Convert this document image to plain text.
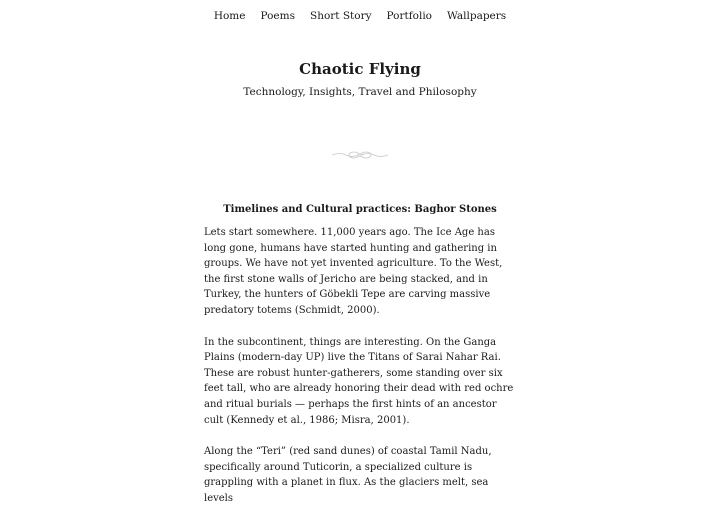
Home Poems Short Story Portfolio Wallpapers
Chaotic Flying
Technology, Insights, Travel and Philosophy
Timelines and Cultural practices: Baghor Stones

Lets start somewhere. 11,000 years ago. The Ice Age has long gone, humans have started hunting and gathering in groups. We have not yet invented agriculture. To the West, the first stone walls of Jericho are being stacked, and in Turkey, the hunters of Göbekli Tepe are carving massive predatory totems (Schmidt, 2000).

In the subcontinent, things are interesting. On the Ganga Plains (modern-day UP) live the Titans of Sarai Nahar Rai. These are robust hunter-gatherers, some standing over six feet tall, who are already honoring their dead with red ochre and ritual burials — perhaps the first hints of an ancestor cult (Kennedy et al., 1986; Misra, 2001).

Along the “Teri” (red sand dunes) of coastal Tamil Nadu, specifically around Tuticorin, a specialized culture is grappling with a planet in flux. As the glaciers melt, sea levels
